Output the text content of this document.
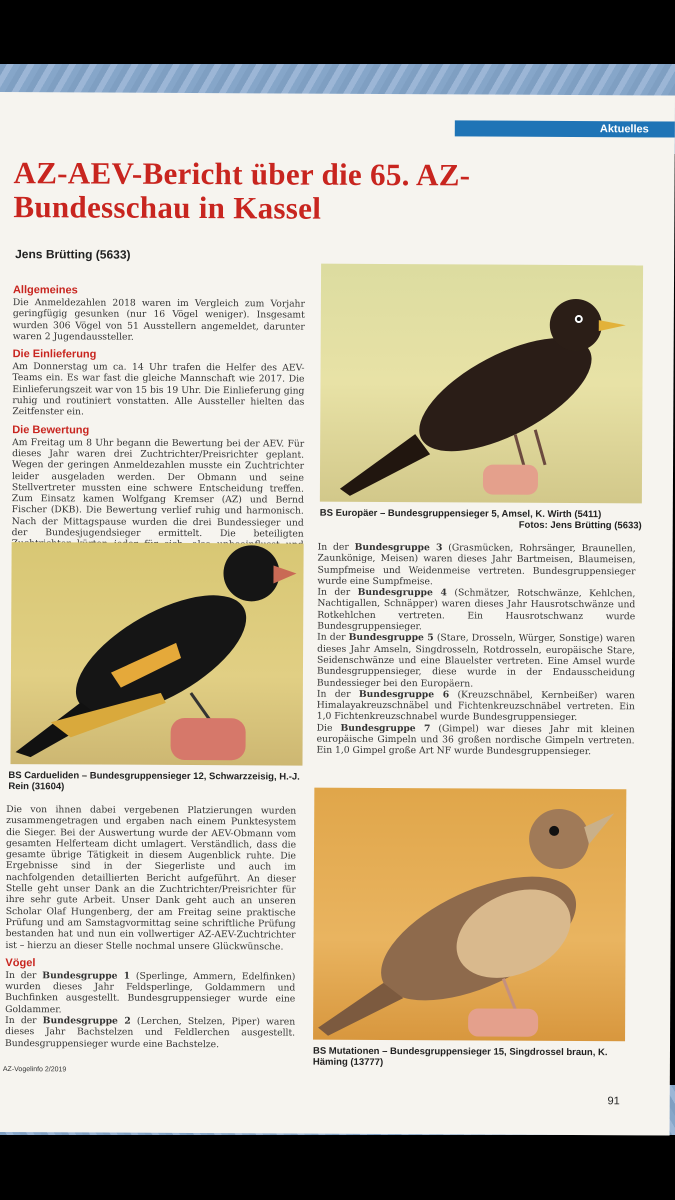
Aktuelles
AZ-AEV-Bericht über die 65. AZ-Bundesschau in Kassel
Jens Brütting (5633)
Allgemeines

Die Anmeldezahlen 2018 waren im Vergleich zum Vorjahr geringfügig gesunken (nur 16 Vögel weniger). Insgesamt wurden 306 Vögel von 51 Ausstellern angemeldet, darunter waren 2 Jugendaussteller.

Die Einlieferung

Am Donnerstag um ca. 14 Uhr trafen die Helfer des AEV-Teams ein. Es war fast die gleiche Mannschaft wie 2017. Die Einlieferungszeit war von 15 bis 19 Uhr. Die Einlieferung ging ruhig und routiniert vonstatten. Alle Aussteller hielten das Zeitfenster ein.

Die Bewertung

Am Freitag um 8 Uhr begann die Bewertung bei der AEV. Für dieses Jahr waren drei Zuchtrichter/Preisrichter geplant. Wegen der geringen Anmeldezahlen musste ein Zuchtrichter leider ausgeladen werden. Der Obmann und seine Stellvertreter mussten eine schwere Entscheidung treffen. Zum Einsatz kamen Wolfgang Kremser (AZ) und Bernd Fischer (DKB). Die Bewertung verlief ruhig und harmonisch. Nach der Mittagspause wurden die drei Bundessieger und der Bundesjugendsieger ermittelt. Die beteiligten

BS Europäer – Bundesgruppensieger 5, Amsel, K. Wirth (5411)
Fotos: Jens Brütting (5633)
BS Carduеliden – Bundesgruppensieger 12, Schwarzzeisig, H.-J. Rein (31604)

Die von ihnen dabei vergebenen Platzierungen wurden zusammengetragen und ergaben nach einem Punktesystem die Sieger. Bei der Auswertung wurde der AEV-Obmann vom gesamten Helferteam dicht umlagert. Verständlich, dass die gesamte übrige Tätigkeit in diesem Augenblick ruhte. Die Ergebnisse sind in der Siegerliste und auch im nachfolgenden detaillierten Bericht aufgeführt. An dieser Stelle geht unser Dank an die Zuchtrichter/Preisrichter für ihre sehr gute Arbeit. Unser Dank geht auch an unseren Scholar Olaf Hungenberg, der am Freitag seine praktische Prüfung und am Samstagvormittag seine schriftliche Prüfung bestanden hat und nun ein vollwertiger AZ-AEV-Zuchtrichter ist – hierzu an dieser Stelle nochmal unsere Glückwünsche.

Vögel

In der Bundesgruppe 1 (Sperlinge, Ammern, Edelfinken) wurden dieses Jahr Feldsperlinge, Goldammern und Buchfinken ausgestellt. Bundesgruppensieger wurde eine Goldammer.

In der Bundesgruppe 2 (Lerchen, Stelzen, Piper) waren dieses Jahr Bachstelzen und Feldlerchen ausgestellt. Bundesgruppensieger wurde eine Bachstelze.

In der Bundesgruppe 3 (Grasmücken, Rohrsänger, Braunellen, Zaunkönige, Meisen) waren dieses Jahr Bartmeisen, Blaumeisen, Sumpfmeise und Weidenmeise vertreten. Bundesgruppensieger wurde eine Sumpfmeise.

In der Bundesgruppe 4 (Schmätzer, Rotschwänze, Kehlchen, Nachtigallen, Schnäpper) waren dieses Jahr Hausrotschwänze und Rotkehlchen vertreten. Ein Hausrotschwanz wurde Bundesgruppensieger.

In der Bundesgruppe 5 (Stare, Drosseln, Würger, Sonstige) waren dieses Jahr Amseln, Singdrosseln, Rotdrosseln, europäische Stare, Seidenschwänze und eine Blauelster vertreten. Eine Amsel wurde Bundesgruppensieger, diese wurde in der Endausscheidung Bundessieger bei den Europäern.

In der Bundesgruppe 6 (Kreuzschnäbel, Kernbeißer) waren Himalayakreuzschnäbel und Fichtenkreuzschnäbel vertreten. Ein 1,0 Fichtenkreuzschnabel wurde Bundesgruppensieger.

Die Bundesgruppe 7 (Gimpel) war dieses Jahr mit kleinen europäische Gimpeln und 36 großen nordische Gimpeln vertreten. Ein 1,0 Gimpel große Art NF wurde Bundesgruppensieger.

BS Mutationen – Bundesgruppensieger 15, Singdrossel braun, K. Häming (13777)
AZ-Vogelinfo 2/2019
91
